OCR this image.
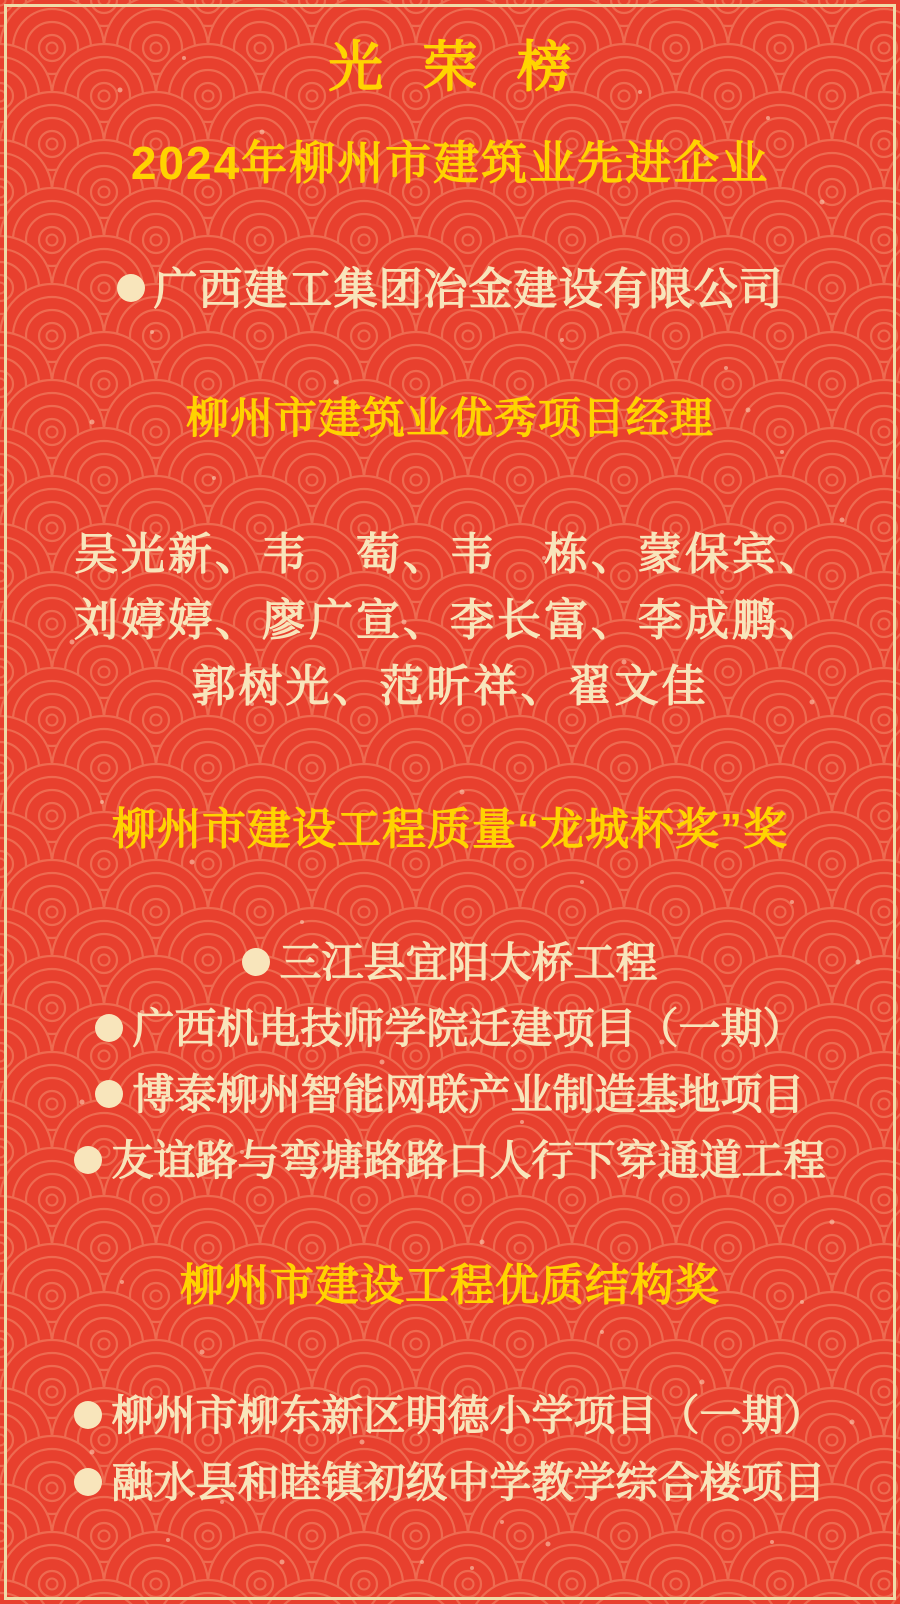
光 荣 榜
2024年柳州市建筑业先进企业
广西建工集团冶金建设有限公司
柳州市建筑业优秀项目经理
吴光新、韦　萄、韦　栋、蒙保宾、
刘婷婷、廖广宣、李长富、李成鹏、
郭树光、范昕祥、翟文佳
柳州市建设工程质量“龙城杯奖”奖
三江县宜阳大桥工程
广西机电技师学院迁建项目（一期）
博泰柳州智能网联产业制造基地项目
友谊路与弯塘路路口人行下穿通道工程
柳州市建设工程优质结构奖
柳州市柳东新区明德小学项目（一期）
融水县和睦镇初级中学教学综合楼项目
